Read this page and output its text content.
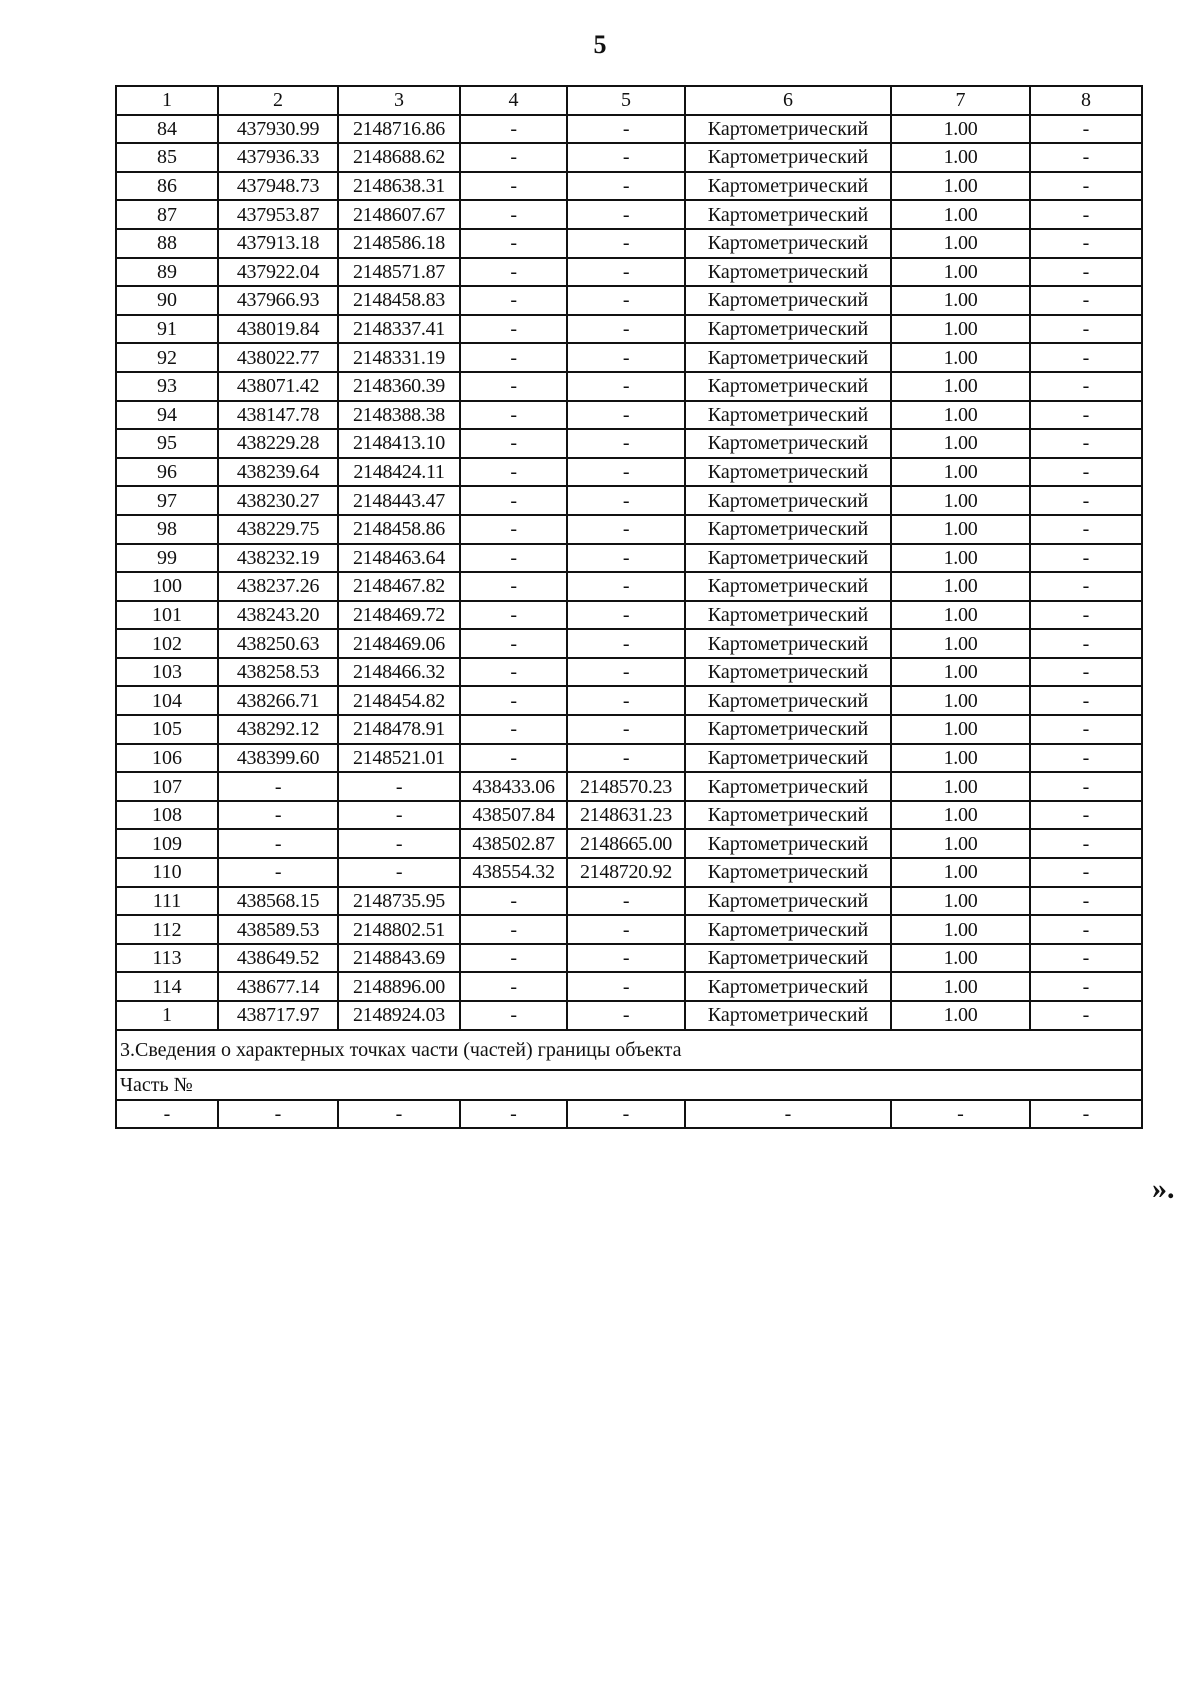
5
1	2	3	4	5	6	7	8
84	437930.99	2148716.86	-	-	Картометрический	1.00	-
85	437936.33	2148688.62	-	-	Картометрический	1.00	-
86	437948.73	2148638.31	-	-	Картометрический	1.00	-
87	437953.87	2148607.67	-	-	Картометрический	1.00	-
88	437913.18	2148586.18	-	-	Картометрический	1.00	-
89	437922.04	2148571.87	-	-	Картометрический	1.00	-
90	437966.93	2148458.83	-	-	Картометрический	1.00	-
91	438019.84	2148337.41	-	-	Картометрический	1.00	-
92	438022.77	2148331.19	-	-	Картометрический	1.00	-
93	438071.42	2148360.39	-	-	Картометрический	1.00	-
94	438147.78	2148388.38	-	-	Картометрический	1.00	-
95	438229.28	2148413.10	-	-	Картометрический	1.00	-
96	438239.64	2148424.11	-	-	Картометрический	1.00	-
97	438230.27	2148443.47	-	-	Картометрический	1.00	-
98	438229.75	2148458.86	-	-	Картометрический	1.00	-
99	438232.19	2148463.64	-	-	Картометрический	1.00	-
100	438237.26	2148467.82	-	-	Картометрический	1.00	-
101	438243.20	2148469.72	-	-	Картометрический	1.00	-
102	438250.63	2148469.06	-	-	Картометрический	1.00	-
103	438258.53	2148466.32	-	-	Картометрический	1.00	-
104	438266.71	2148454.82	-	-	Картометрический	1.00	-
105	438292.12	2148478.91	-	-	Картометрический	1.00	-
106	438399.60	2148521.01	-	-	Картометрический	1.00	-
107	-	-	438433.06	2148570.23	Картометрический	1.00	-
108	-	-	438507.84	2148631.23	Картометрический	1.00	-
109	-	-	438502.87	2148665.00	Картометрический	1.00	-
110	-	-	438554.32	2148720.92	Картометрический	1.00	-
111	438568.15	2148735.95	-	-	Картометрический	1.00	-
112	438589.53	2148802.51	-	-	Картометрический	1.00	-
113	438649.52	2148843.69	-	-	Картометрический	1.00	-
114	438677.14	2148896.00	-	-	Картометрический	1.00	-
1	438717.97	2148924.03	-	-	Картометрический	1.00	-
3.Сведения о характерных точках части (частей) границы объекта							
Часть №							
-	-	-	-	-	-	-	-
».
